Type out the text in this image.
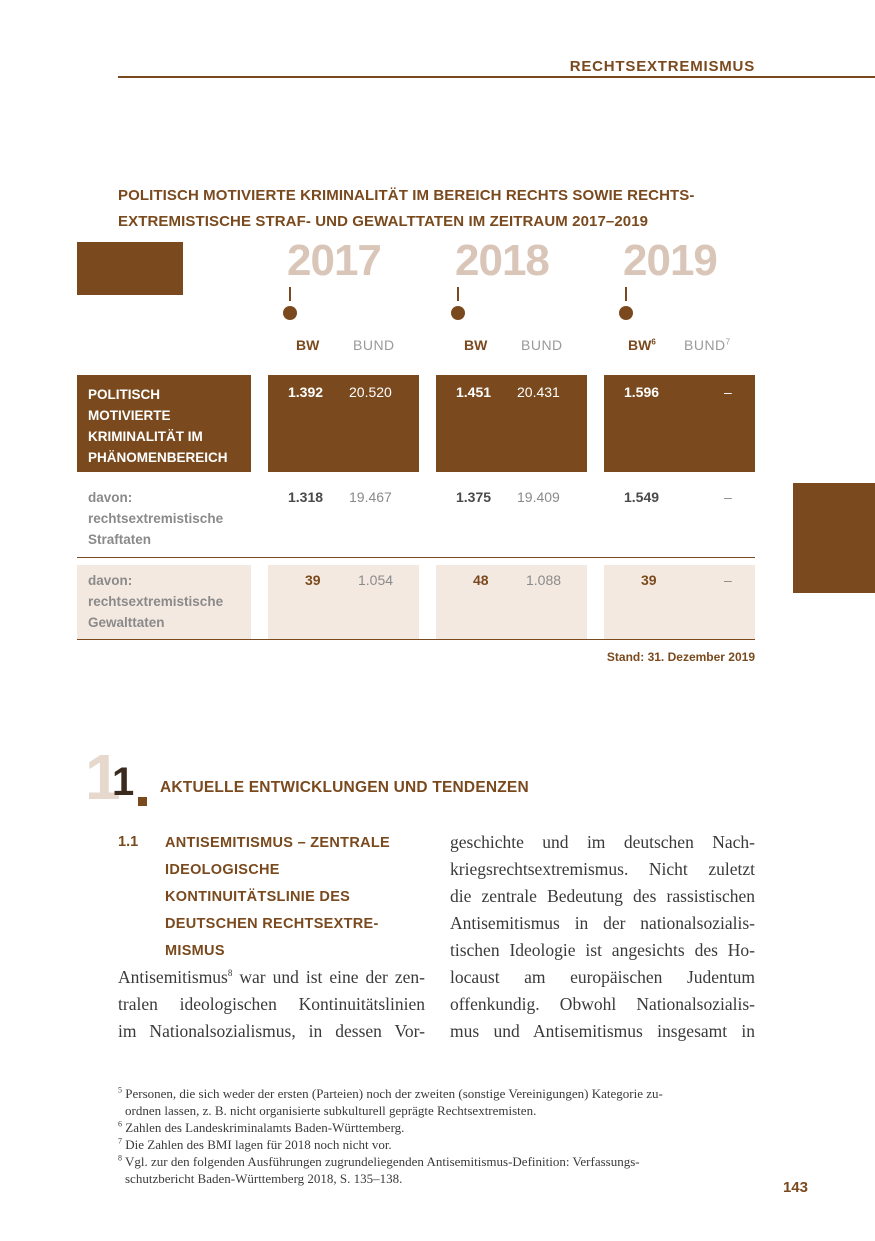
RECHTSEXTREMISMUS
POLITISCH MOTIVIERTE KRIMINALITÄT IM BEREICH RECHTS SOWIE RECHTS-
EXTREMISTISCHE STRAF- UND GEWALTTATEN IM ZEITRAUM 2017–2019
2017 2018 2019
BW BUND	BW BUND	$BW^6$ BUND$^7$
POLITISCH MOTIVIERTE KRIMINALITÄT IM PHÄNOMENBEREICH RECHTS INSGESAMT
1.392 20.520	1.451 20.431	1.596	–
davon: rechtsextremistische Straftaten
1.318 19.467	1.375 19.409	1.549	–
davon: rechtsextremistische Gewalttaten
39	1.054	48	1.088	39	–
Stand: 31. Dezember 2019
1
1 AKTUELLE ENTWICKLUNGEN UND TENDENZEN
1.1 ANTISEMITISMUS – ZENTRALE IDEOLOGISCHE KONTINUITÄTSLINIE DES DEUTSCHEN RECHTSEXTRE-MISMUS
Antisemitismus$^8$ war und ist eine der zen-
tralen ideologischen Kontinuitätslinien
im Nationalsozialismus, in dessen Vor-
geschichte und im deutschen Nach-
kriegsrechtsextremismus. Nicht zuletzt
die zentrale Bedeutung des rassistischen
Antisemitismus in der nationalsozialis-
tischen Ideologie ist angesichts des Ho-
locaust am europäischen Judentum
offenkundig. Obwohl Nationalsozialis-
mus und Antisemitismus insgesamt in
$^5$ Personen, die sich weder der ersten (Parteien) noch der zweiten (sonstige Vereinigungen) Kategorie zu-
ordnen lassen, z. B. nicht organisierte subkulturell geprägte Rechtsextremisten.
$^6$ Zahlen des Landeskriminalamts Baden-Württemberg.
$^7$ Die Zahlen des BMI lagen für 2018 noch nicht vor.
$^8$ Vgl. zur den folgenden Ausführungen zugrundeliegenden Antisemitismus-Definition: Verfassungs-
schutzbericht Baden-Württemberg 2018, S. 135–138.
143
